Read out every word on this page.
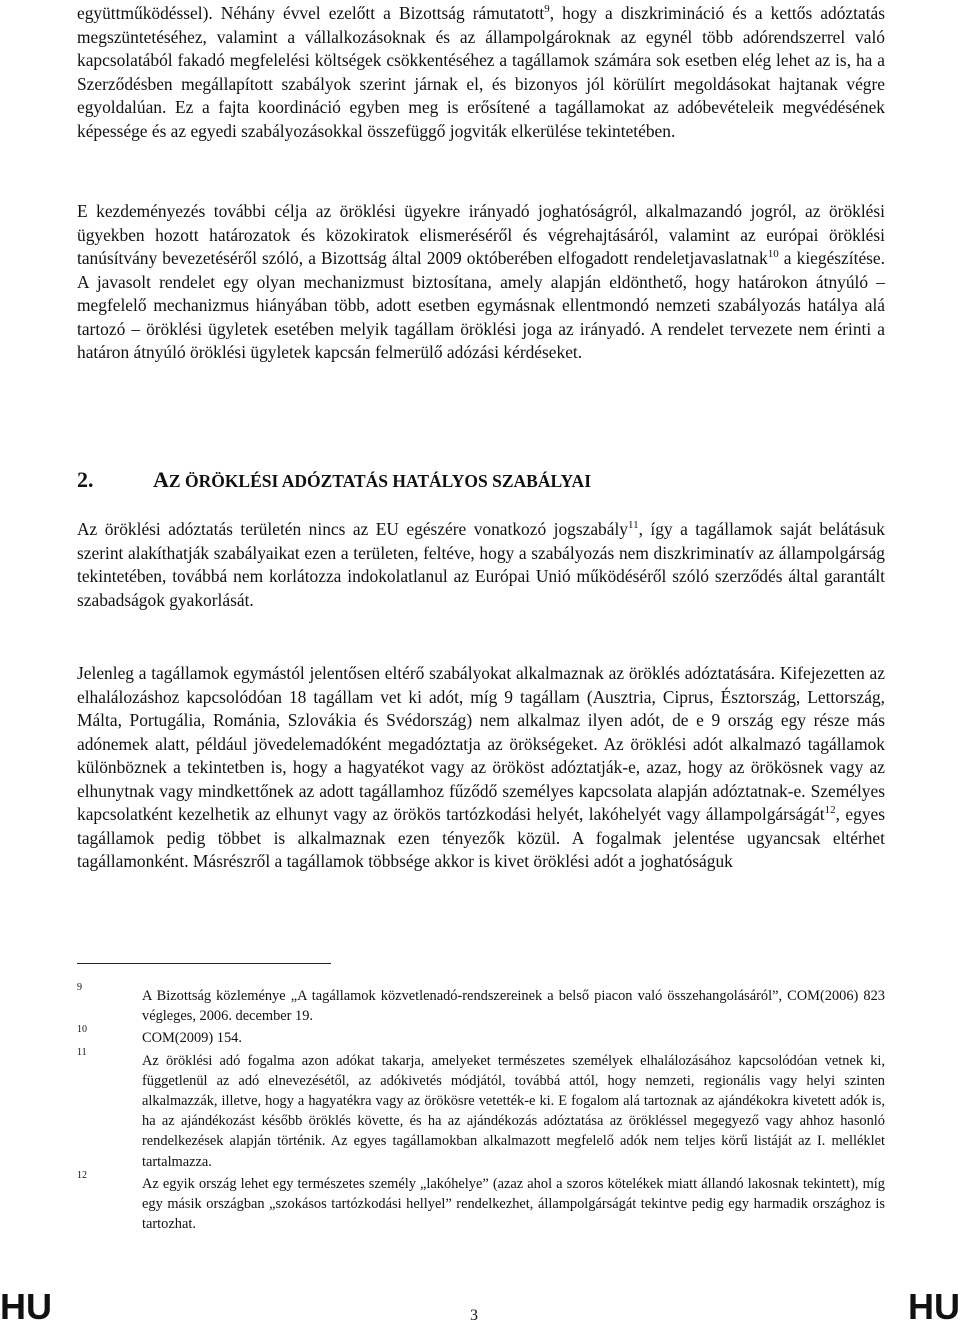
együttműködéssel). Néhány évvel ezelőtt a Bizottság rámutatott$^9$, hogy a diszkrimináció és a kettős adóztatás megszüntetéséhez, valamint a vállalkozásoknak és az állampolgároknak az egynél több adórendszerrel való kapcsolatából fakadó megfelelési költségek csökkentéséhez a tagállamok számára sok esetben elég lehet az is, ha a Szerződésben megállapított szabályok szerint járnak el, és bizonyos jól körülírt megoldásokat hajtanak végre egyoldalúan. Ez a fajta koordináció egyben meg is erősítené a tagállamokat az adóbevételeik megvédésének képessége és az egyedi szabályozásokkal összefüggő jogviták elkerülése tekintetében.

E kezdeményezés további célja az öröklési ügyekre irányadó joghatóságról, alkalmazandó jogról, az öröklési ügyekben hozott határozatok és közokiratok elismeréséről és végrehajtásáról, valamint az európai öröklési tanúsítvány bevezetéséről szóló, a Bizottság által 2009 októberében elfogadott rendeletjavaslatnak$^{10}$ a kiegészítése. A javasolt rendelet egy olyan mechanizmust biztosítana, amely alapján eldönthető, hogy határokon átnyúló – megfelelő mechanizmus hiányában több, adott esetben egymásnak ellentmondó nemzeti szabályozás hatálya alá tartozó – öröklési ügyletek esetében melyik tagállam öröklési joga az irányadó. A rendelet tervezete nem érinti a határon átnyúló öröklési ügyletek kapcsán felmerülő adózási kérdéseket.

2.	AZ ÖRÖKLÉSI ADÓZTATÁS HATÁLYOS SZABÁLYAI

Az öröklési adóztatás területén nincs az EU egészére vonatkozó jogszabály$^{11}$, így a tagállamok saját belátásuk szerint alakíthatják szabályaikat ezen a területen, feltéve, hogy a szabályozás nem diszkriminatív az állampolgárság tekintetében, továbbá nem korlátozza indokolatlanul az Európai Unió működéséről szóló szerződés által garantált szabadságok gyakorlását.

Jelenleg a tagállamok egymástól jelentősen eltérő szabályokat alkalmaznak az öröklés adóztatására. Kifejezetten az elhalálozáshoz kapcsolódóan 18 tagállam vet ki adót, míg 9 tagállam (Ausztria, Ciprus, Észtország, Lettország, Málta, Portugália, Románia, Szlovákia és Svédország) nem alkalmaz ilyen adót, de e 9 ország egy része más adónemek alatt, például jövedelemadóként megadóztatja az örökségeket. Az öröklési adót alkalmazó tagállamok különböznek a tekintetben is, hogy a hagyatékot vagy az örököst adóztatják-e, azaz, hogy az örökösnek vagy az elhunytnak vagy mindkettőnek az adott tagállamhoz fűződő személyes kapcsolata alapján adóztatnak-e. Személyes kapcsolatként kezelhetik az elhunyt vagy az örökös tartózkodási helyét, lakóhelyét vagy állampolgárságát$^{12}$, egyes tagállamok pedig többet is alkalmaznak ezen tényezők közül. A fogalmak jelentése ugyancsak eltérhet tagállamonként. Másrészről a tagállamok többsége akkor is kivet öröklési adót a joghatóságuk

9
A Bizottság közleménye „A tagállamok közvetlenadó-rendszereinek a belső piacon való összehangolásáról”, COM(2006) 823 végleges, 2006. december 19.

10
COM(2009) 154.

11
Az öröklési adó fogalma azon adókat takarja, amelyeket természetes személyek elhalálozásához kapcsolódóan vetnek ki, függetlenül az adó elnevezésétől, az adókivetés módjától, továbbá attól, hogy nemzeti, regionális vagy helyi szinten alkalmazzák, illetve, hogy a hagyatékra vagy az örökösre vetették-e ki. E fogalom alá tartoznak az ajándékokra kivetett adók is, ha az ajándékozást később öröklés követte, és ha az ajándékozás adóztatása az örökléssel megegyező vagy ahhoz hasonló rendelkezések alapján történik. Az egyes tagállamokban alkalmazott megfelelő adók nem teljes körű listáját az I. melléklet tartalmazza.

12
Az egyik ország lehet egy természetes személy „lakóhelye” (azaz ahol a szoros kötelékek miatt állandó lakosnak tekintett), míg egy másik országban „szokásos tartózkodási hellyel” rendelkezhet, állampolgárságát tekintve pedig egy harmadik országhoz is tartozhat.

HU	3	HU
